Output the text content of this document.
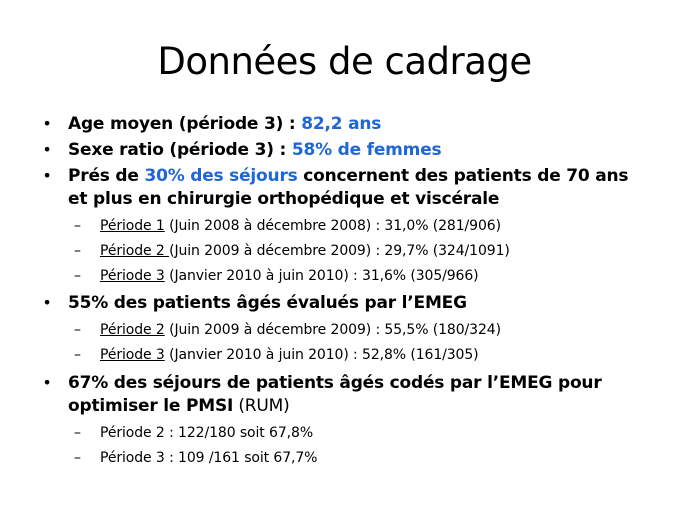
Données de cadrage
• Age moyen (période 3) : 82,2 ans
• Sexe ratio (période 3) : 58% de femmes
• Prés de 30% des séjours concernent des patients de 70 ans
et plus en chirurgie orthopédique et viscérale
– Période 1 (Juin 2008 à décembre 2008) : 31,0% (281/906)
– Période 2 (Juin 2009 à décembre 2009) : 29,7% (324/1091)
– Période 3 (Janvier 2010 à juin 2010) : 31,6% (305/966)
• 55% des patients âgés évalués par l’EMEG
– Période 2 (Juin 2009 à décembre 2009) : 55,5% (180/324)
– Période 3 (Janvier 2010 à juin 2010) : 52,8% (161/305)
• 67% des séjours de patients âgés codés par l’EMEG pour
optimiser le PMSI (RUM)
– Période 2 : 122/180 soit 67,8%
– Période 3 : 109 /161 soit 67,7%
